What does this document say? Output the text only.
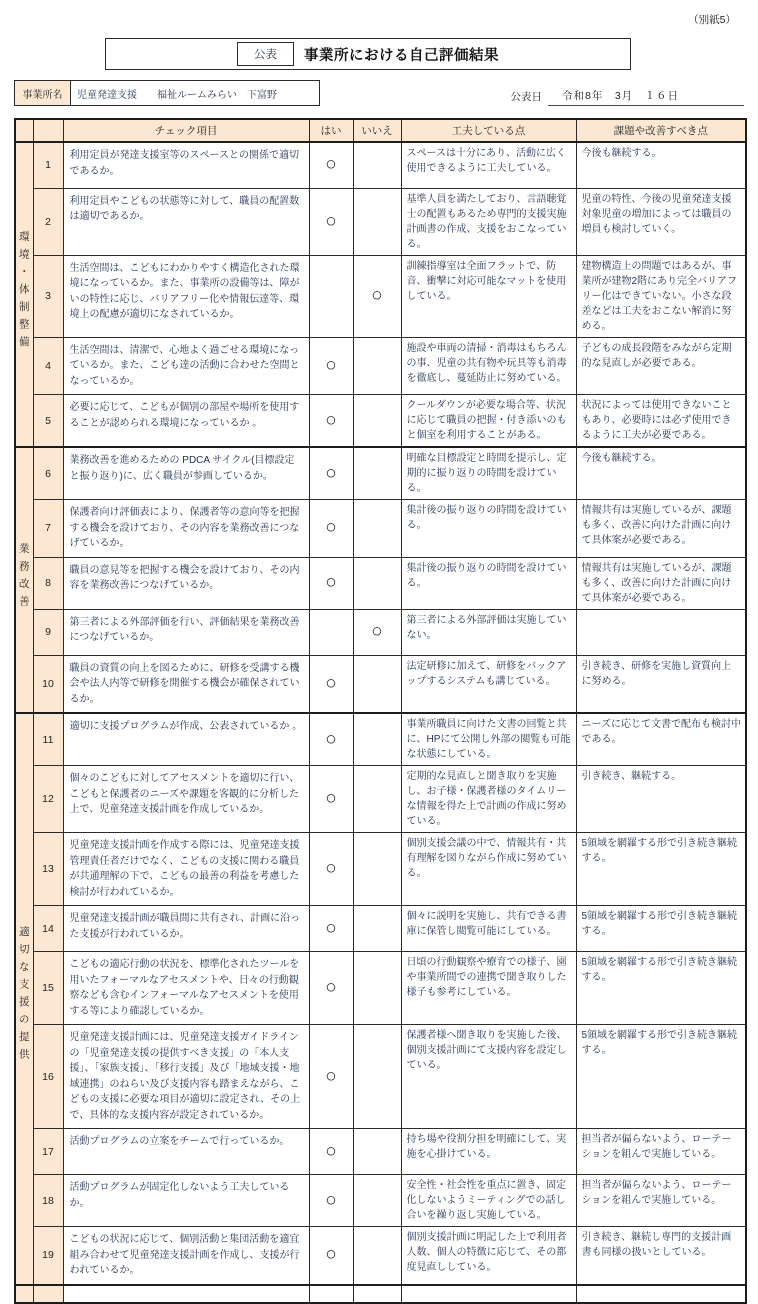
（別紙5）
公表	事業所における自己評価結果
事業所名	児童発達支援　　福祉ルームみらい　下富野	公表日	令和8年　3月　１６日
		チェック項目	はい	いいえ	工夫している点	課題や改善すべき点
環境・体制整備	1	利用定員が発達支援室等のスペースとの関係で適切であるか。	○		スペースは十分にあり、活動に広く使用できるように工夫している。	今後も継続する。
	2	利用定員やこどもの状態等に対して、職員の配置数は適切であるか。	○		基準人員を満たしており、言語聴覚士の配置もあるため専門的支援実施計画書の作成、支援をおこなっている。	児童の特性、今後の児童発達支援対象児童の増加によっては職員の増員も検討していく。
	3	生活空間は、こどもにわかりやすく構造化された環境になっているか。また、事業所の設備等は、障がいの特性に応じ、バリアフリー化や情報伝達等、環境上の配慮が適切になされているか。		○	訓練指導室は全面フラットで、防音、衝撃に対応可能なマットを使用している。	建物構造上の問題ではあるが、事業所が建物2階にあり完全バリアフリー化はできていない。小さな段差などは工夫をおこない解消に努める。
	4	生活空間は、清潔で、心地よく過ごせる環境になっているか。また、こども達の活動に合わせた空間となっているか。	○		施設や車両の清掃・消毒はもちろんの事、児童の共有物や玩具等も消毒を徹底し、蔓延防止に努めている。	子どもの成長段階をみながら定期的な見直しが必要である。
	5	必要に応じて、こどもが個別の部屋や場所を使用することが認められる環境になっているか 。	○		クールダウンが必要な場合等、状況に応じて職員の把握・付き添いのもと個室を利用することがある。	状況によっては使用できないこともあり、必要時には必ず使用できるように工夫が必要である。
業務改善	6	業務改善を進めるための PDCA サイクル(目標設定と振り返り)に、広く職員が参画しているか。	○		明確な目標設定と時間を提示し、定期的に振り返りの時間を設けている。	今後も継続する。
	7	保護者向け評価表により、保護者等の意向等を把握する機会を設けており、その内容を業務改善につなげているか。	○		集計後の振り返りの時間を設けている。	情報共有は実施しているが、課題も多く、改善に向けた計画に向けて具体案が必要である。
	8	職員の意見等を把握する機会を設けており、その内容を業務改善につなげているか。	○		集計後の振り返りの時間を設けている。	情報共有は実施しているが、課題も多く、改善に向けた計画に向けて具体案が必要である。
	9	第三者による外部評価を行い、評価結果を業務改善につなげているか。		○	第三者による外部評価は実施していない。	
	10	職員の資質の向上を図るために、研修を受講する機会や法人内等で研修を開催する機会が確保されているか。	○		法定研修に加えて、研修をバックアップするシステムも講じている。	引き続き、研修を実施し資質向上に努める。
適切な支援の提供	11	適切に支援プログラムが作成、公表されているか 。	○		事業所職員に向けた文書の回覧と共に、HPにて公開し外部の閲覧も可能な状態にしている。	ニーズに応じて文書で配布も検討中である。
	12	個々のこどもに対してアセスメントを適切に行い、こどもと保護者のニーズや課題を客観的に分析した上で、児童発達支援計画を作成しているか。	○		定期的な見直しと聞き取りを実施し、お子様・保護者様のタイムリーな情報を得た上で計画の作成に努めている。	引き続き、継続する。
	13	児童発達支援計画を作成する際には、児童発達支援管理責任者だけでなく、こどもの支援に関わる職員が共通理解の下で、こどもの最善の利益を考慮した検討が行われているか。	○		個別支援会議の中で、情報共有・共有理解を図りながら作成に努めている。	5領域を網羅する形で引き続き継続する。
	14	児童発達支援計画が職員間に共有され、計画に沿った支援が行われているか。	○		個々に説明を実施し、共有できる書庫に保管し閲覧可能にしている。	5領域を網羅する形で引き続き継続する。
	15	こどもの適応行動の状況を、標準化されたツールを用いたフォーマルなアセスメントや、日々の行動観察なども含むインフォーマルなアセスメントを使用する等により確認しているか。	○		日頃の行動観察や療育での様子、園や事業所間での連携で聞き取りした様子も参考にしている。	5領域を網羅する形で引き続き継続する。
	16	児童発達支援計画には、児童発達支援ガイドラインの「児童発達支援の提供すべき支援」の「本人支援」、「家族支援」、「移行支援」及び「地域支援・地域連携」のねらい及び支援内容も踏まえながら、こどもの支援に必要な項目が適切に設定され、その上で、具体的な支援内容が設定されているか。	○		保護者様へ聞き取りを実施した後、個別支援計画にて支援内容を設定している。	5領域を網羅する形で引き続き継続する。
	17	活動プログラムの立案をチームで行っているか。	○		持ち場や役割分担を明確にして、実施を心掛けている。	担当者が偏らないよう、ローテーションを組んで実施している。
	18	活動プログラムが固定化しないよう工夫しているか。	○		安全性・社会性を重点に置き、固定化しないようミーティングでの話し合いを繰り返し実施している。	担当者が偏らないよう、ローテーションを組んで実施している。
	19	こどもの状況に応じて、個別活動と集団活動を適宜組み合わせて児童発達支援計画を作成し、支援が行われているか。	○		個別支援計画に明記した上で利用者人数、個人の特徴に応じて、その都度見直ししている。	引き続き、継続し専門的支援計画書も同様の扱いとしている。
